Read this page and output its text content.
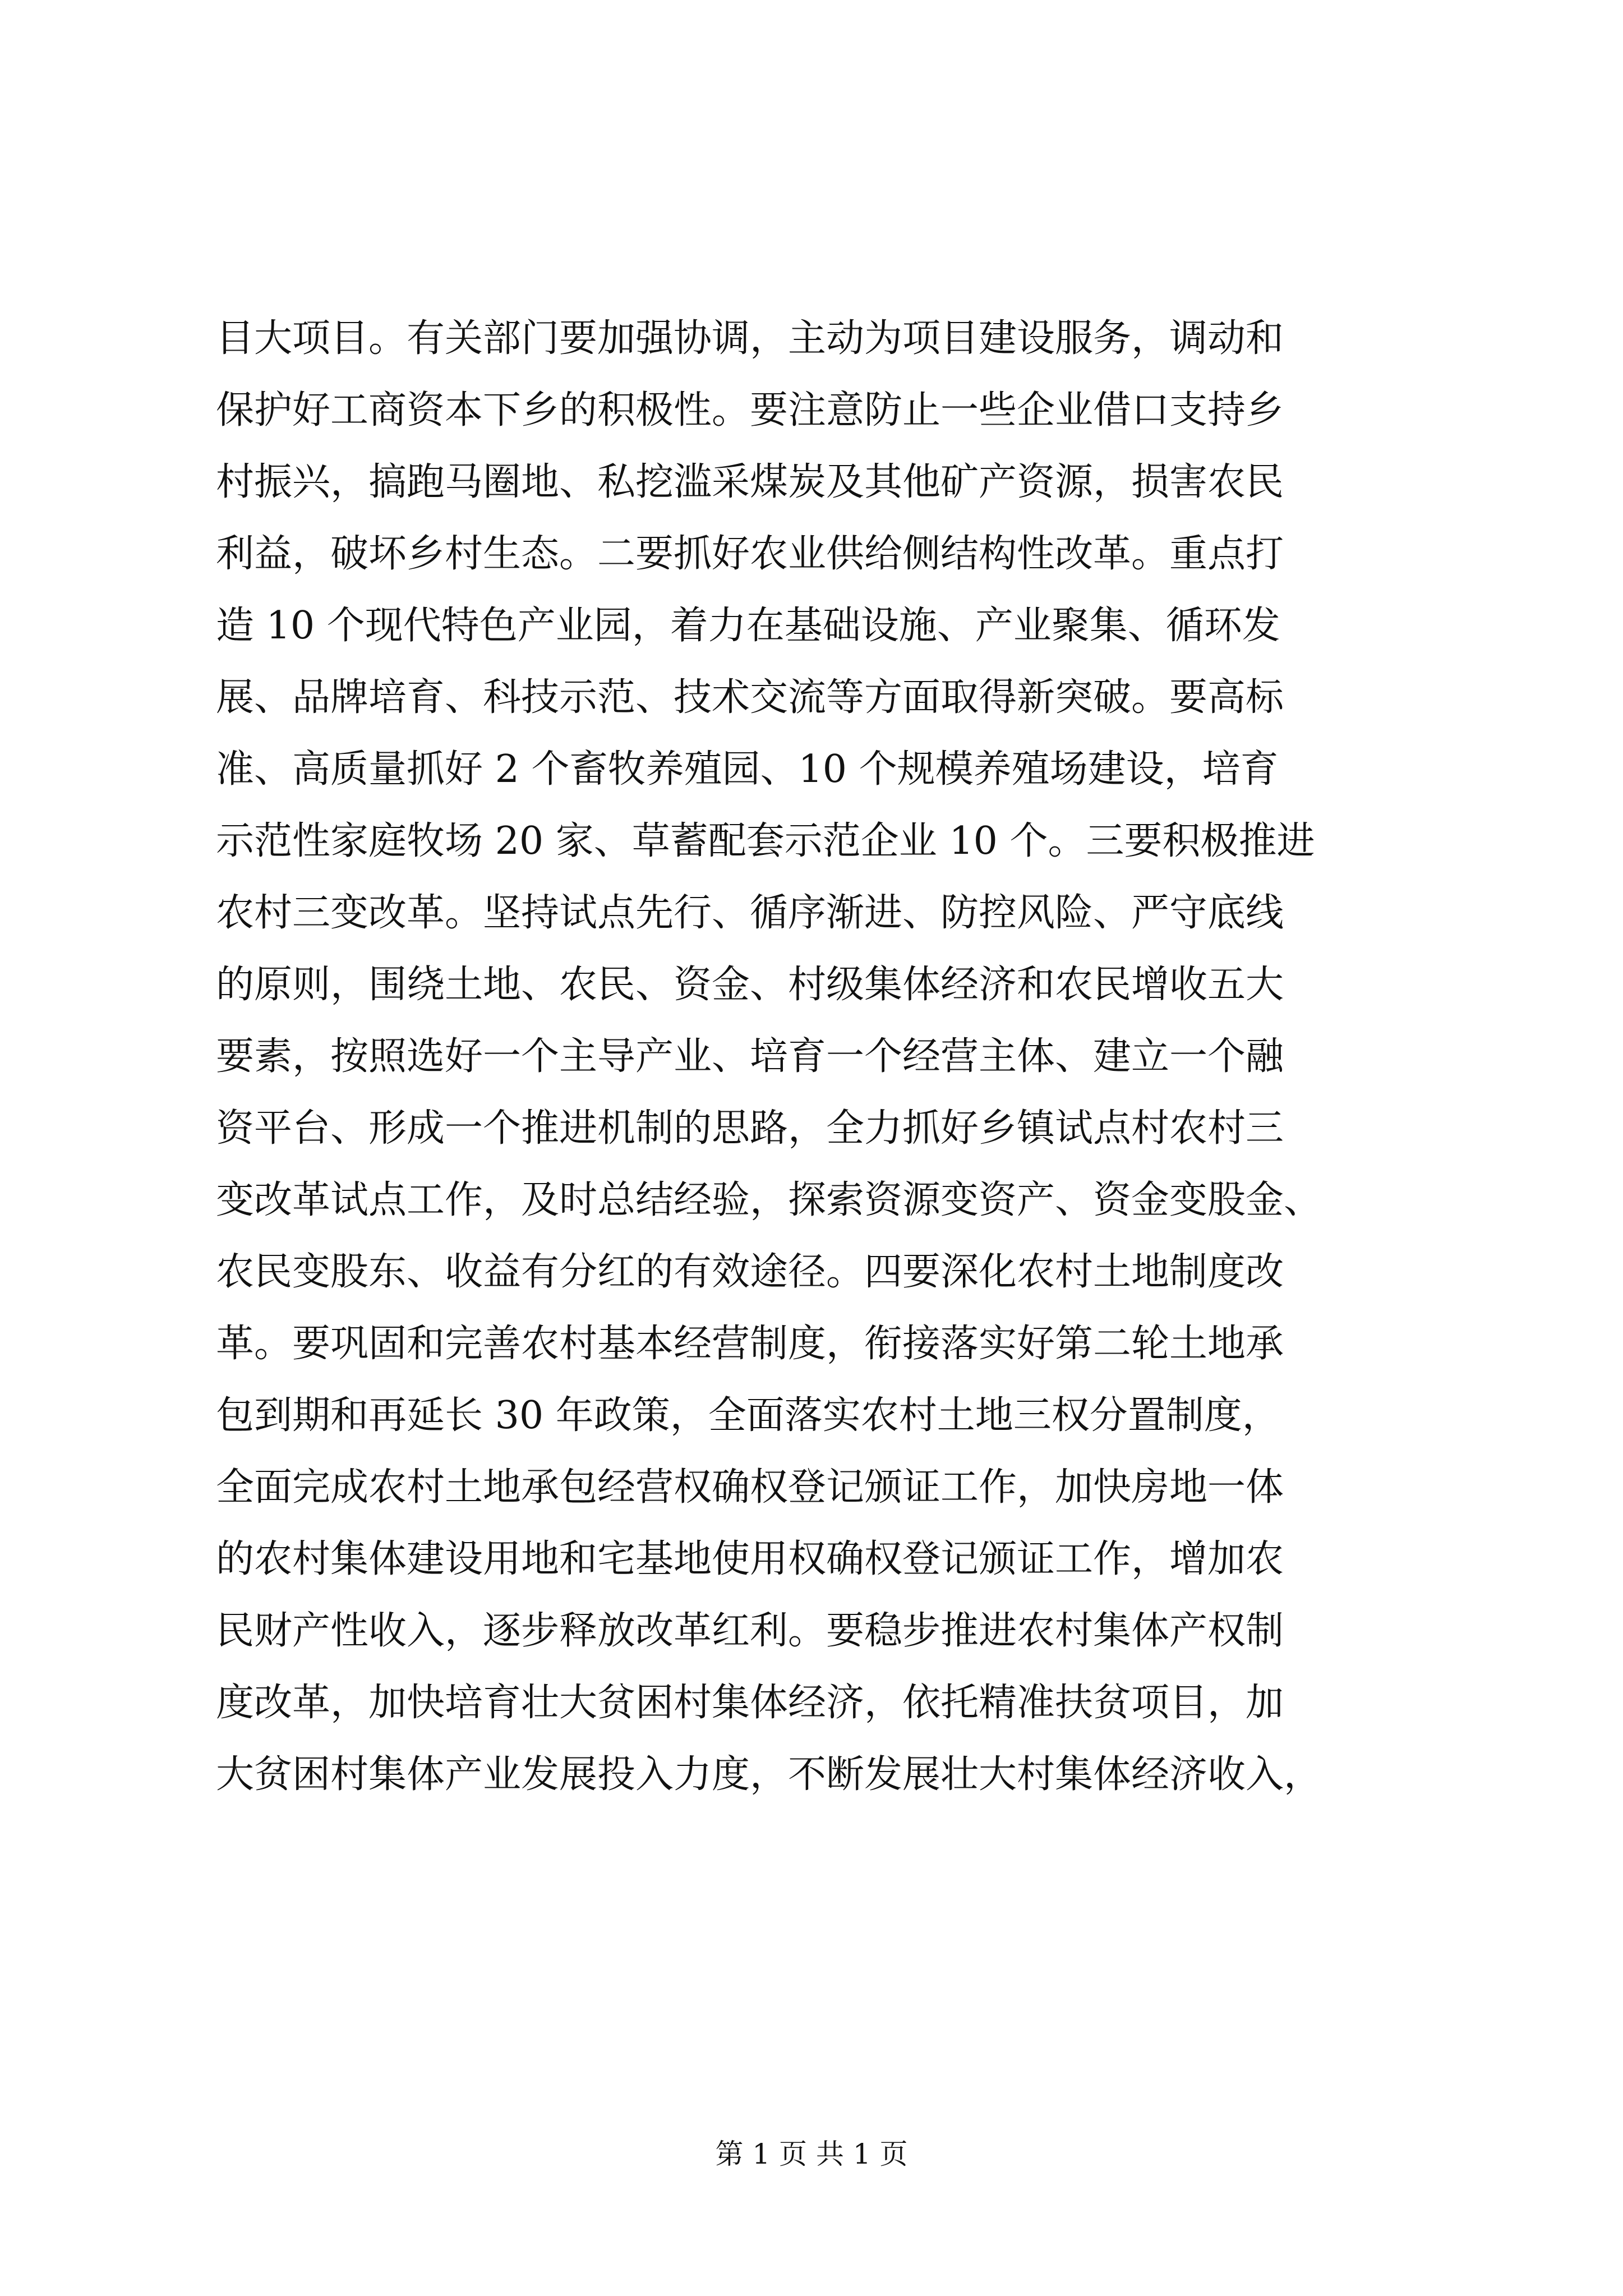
目大项目。有关部门要加强协调，主动为项目建设服务，调动和
保护好工商资本下乡的积极性。要注意防止一些企业借口支持乡
村振兴，搞跑马圈地、私挖滥采煤炭及其他矿产资源，损害农民
利益，破坏乡村生态。二要抓好农业供给侧结构性改革。重点打
造 10 个现代特色产业园，着力在基础设施、产业聚集、循环发
展、品牌培育、科技示范、技术交流等方面取得新突破。要高标
准、高质量抓好 2 个畜牧养殖园、10 个规模养殖场建设，培育
示范性家庭牧场 20 家、草蓄配套示范企业 10 个。三要积极推进
农村三变改革。坚持试点先行、循序渐进、防控风险、严守底线
的原则，围绕土地、农民、资金、村级集体经济和农民增收五大
要素，按照选好一个主导产业、培育一个经营主体、建立一个融
资平台、形成一个推进机制的思路，全力抓好乡镇试点村农村三
变改革试点工作，及时总结经验，探索资源变资产、资金变股金、
农民变股东、收益有分红的有效途径。四要深化农村土地制度改
革。要巩固和完善农村基本经营制度，衔接落实好第二轮土地承
包到期和再延长 30 年政策，全面落实农村土地三权分置制度，
全面完成农村土地承包经营权确权登记颁证工作，加快房地一体
的农村集体建设用地和宅基地使用权确权登记颁证工作，增加农
民财产性收入，逐步释放改革红利。要稳步推进农村集体产权制
度改革，加快培育壮大贫困村集体经济，依托精准扶贫项目，加
大贫困村集体产业发展投入力度，不断发展壮大村集体经济收入，
第 1 页 共 1 页
